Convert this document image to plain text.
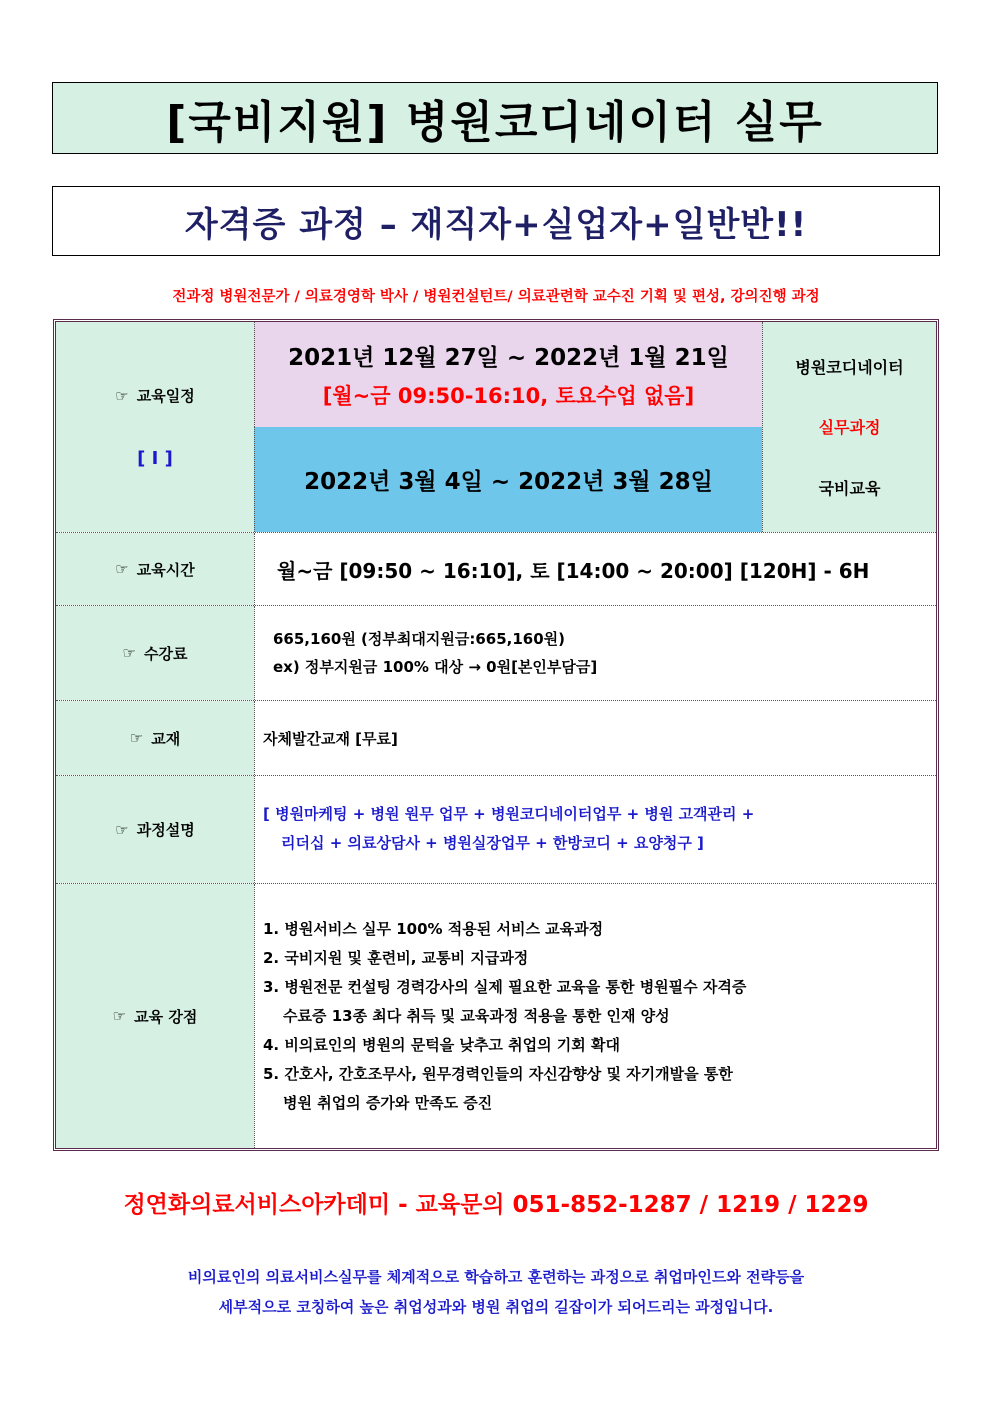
[국비지원] 병원코디네이터 실무
자격증 과정 – 재직자+실업자+일반반!!
전과정 병원전문가 / 의료경영학 박사 / 병원컨설턴트/ 의료관련학 교수진 기획 및 편성, 강의진행 과정
☞ 교육일정
[ I ]
2021년 12월 27일 ~ 2022년 1월 21일
[월~금 09:50-16:10, 토요수업 없음]
2022년 3월 4일 ~ 2022년 3월 28일
병원코디네이터
실무과정
국비교육
☞ 교육시간	월~금 [09:50 ~ 16:10], 토 [14:00 ~ 20:00] [120H] - 6H
☞ 수강료
665,160원 (정부최대지원금:665,160원)
ex) 정부지원금 100% 대상 → 0원[본인부담금]
☞ 교재	자체발간교재 [무료]
☞ 과정설명
[ 병원마케팅 + 병원 원무 업무 + 병원코디네이터업무 + 병원 고객관리 +
리더십 + 의료상담사 + 병원실장업무 + 한방코디 + 요양청구 ]
☞ 교육 강점
1. 병원서비스 실무 100% 적용된 서비스 교육과정
2. 국비지원 및 훈련비, 교통비 지급과정
3. 병원전문 컨설팅 경력강사의 실제 필요한 교육을 통한 병원필수 자격증
수료증 13종 최다 취득 및 교육과정 적용을 통한 인재 양성
4. 비의료인의 병원의 문턱을 낮추고 취업의 기회 확대
5. 간호사, 간호조무사, 원무경력인들의 자신감향상 및 자기개발을 통한
병원 취업의 증가와 만족도 증진
정연화의료서비스아카데미 - 교육문의 051-852-1287 / 1219 / 1229
비의료인의 의료서비스실무를 체계적으로 학습하고 훈련하는 과정으로 취업마인드와 전략등을
세부적으로 코칭하여 높은 취업성과와 병원 취업의 길잡이가 되어드리는 과정입니다.
